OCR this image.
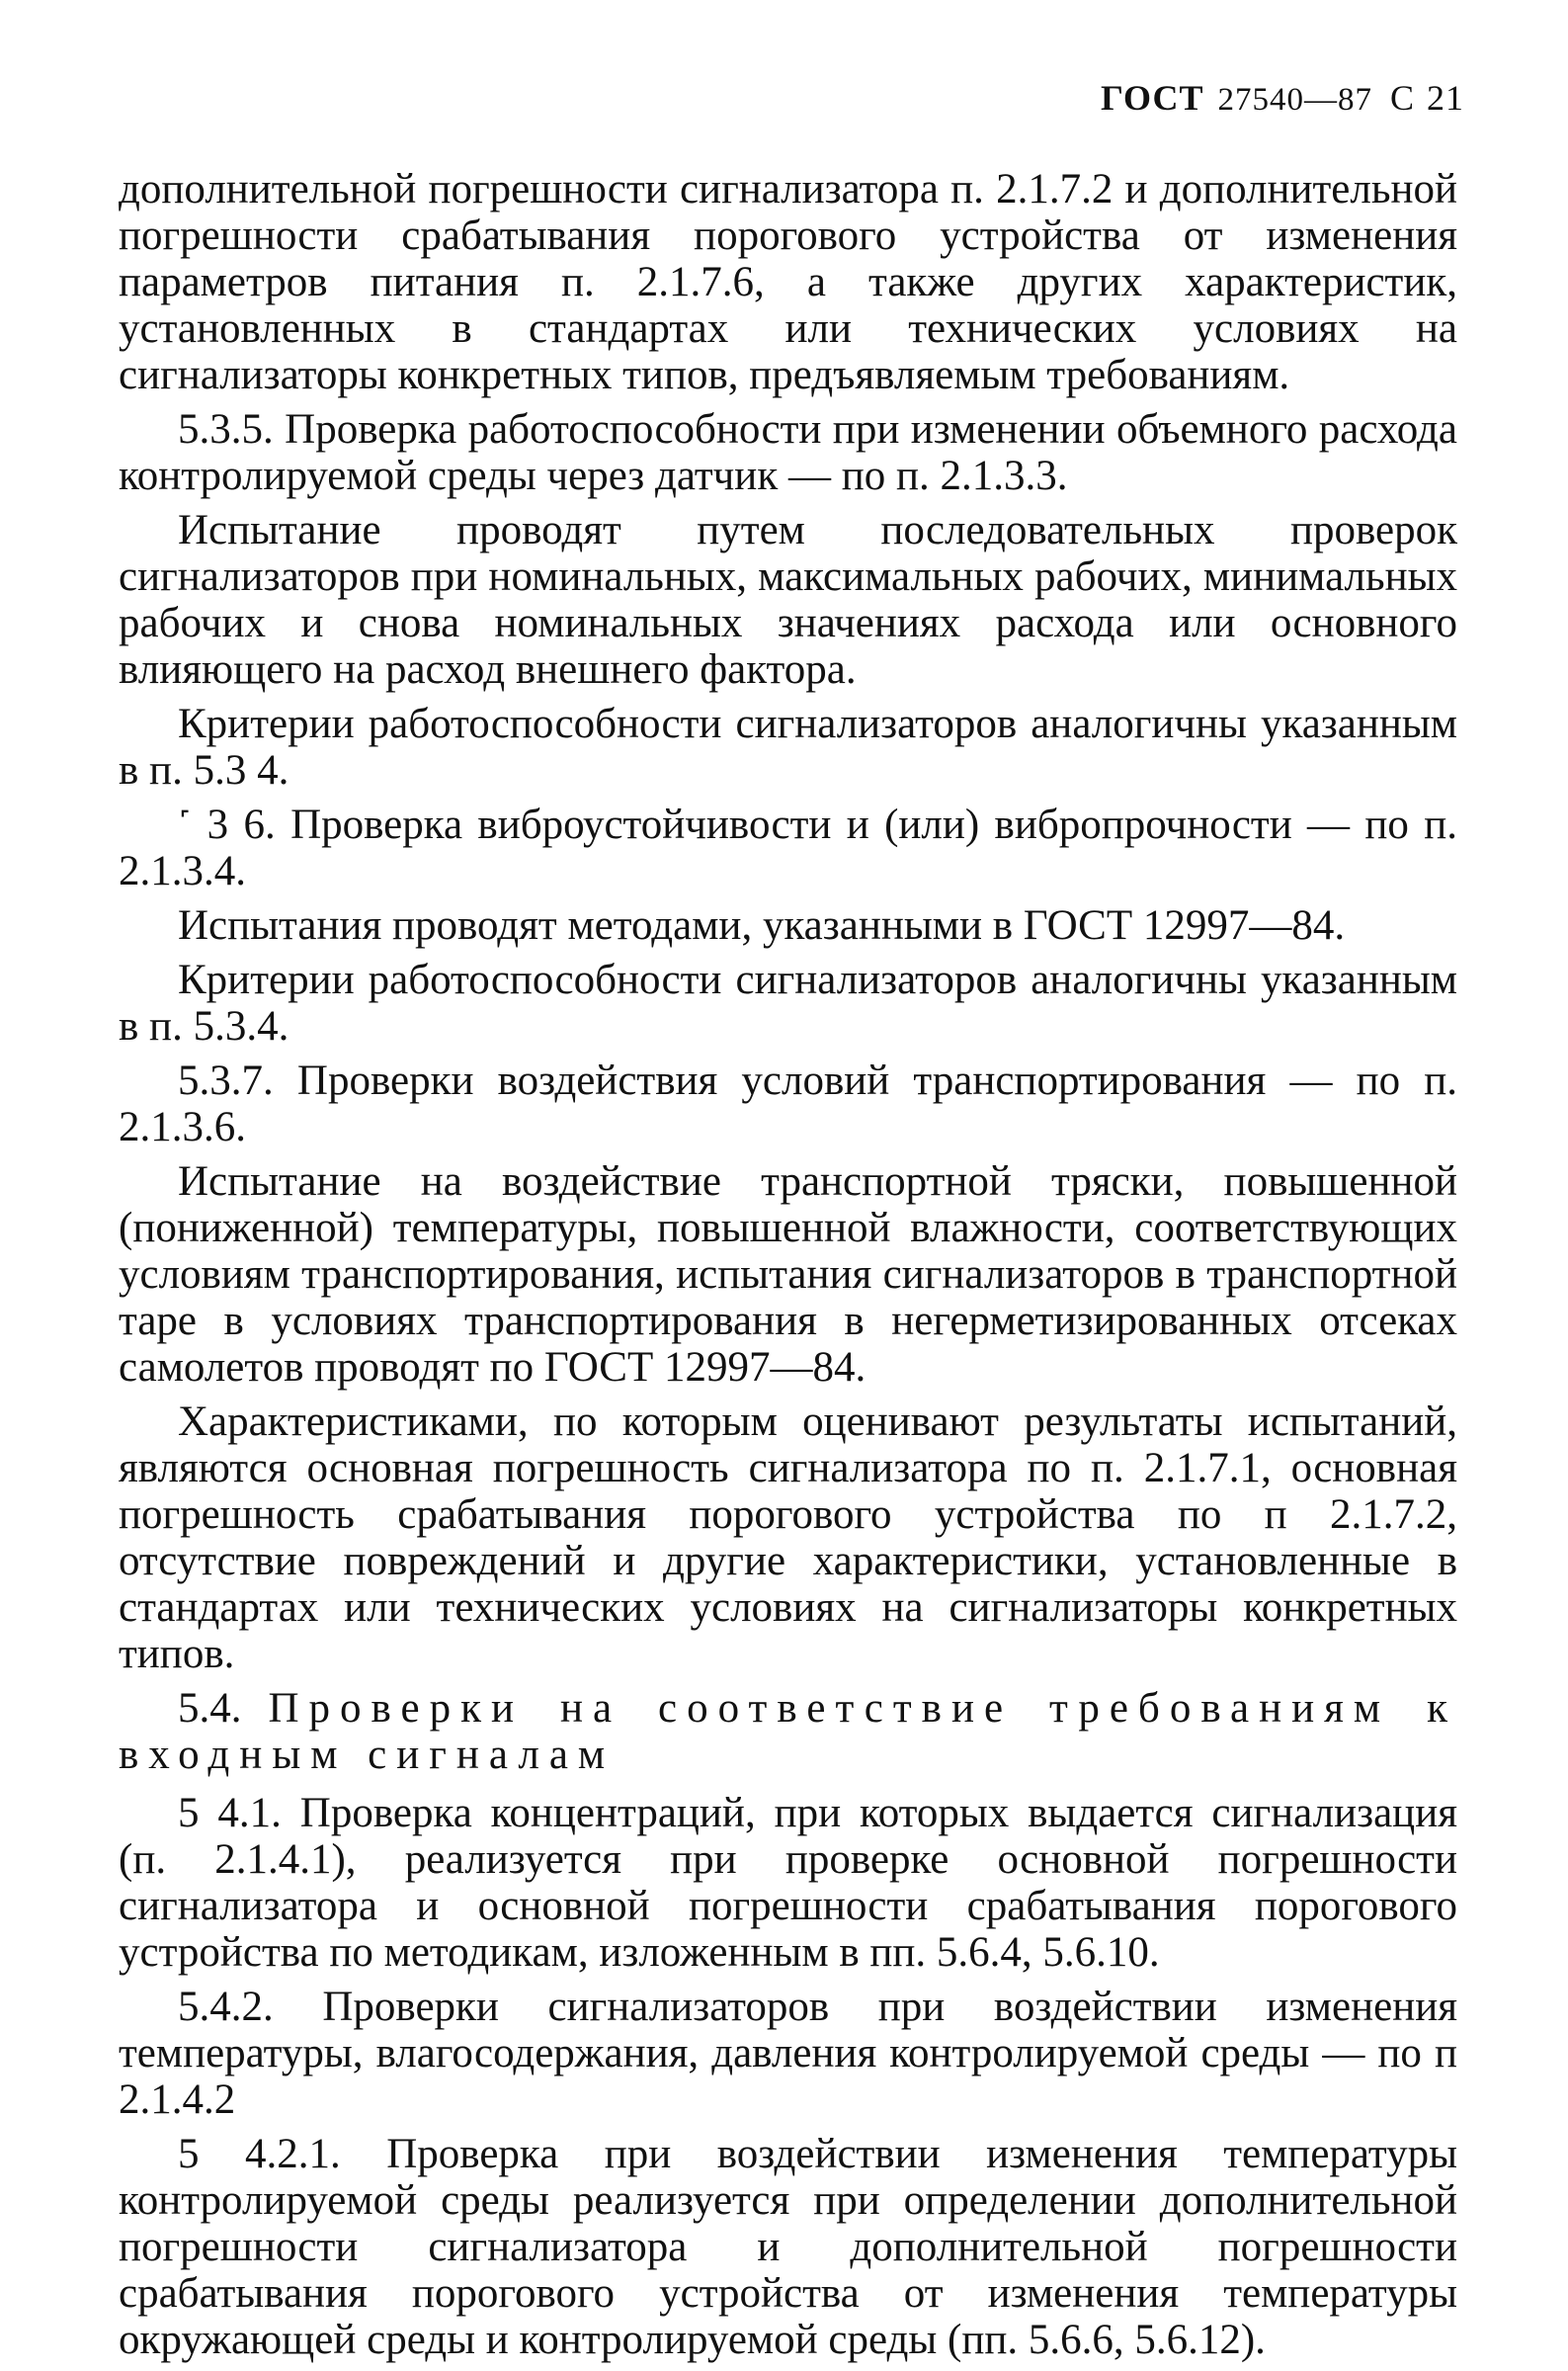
ГОСТ 27540—87 С 21

дополнительной погрешности сигнализатора п. 2.1.7.2 и дополнительной погрешности срабатывания порогового устройства от изменения параметров питания п. 2.1.7.6, а также других характеристик, установленных в стандартах или технических условиях на сигнализаторы конкретных типов, предъявляемым требованиям.

5.3.5. Проверка работоспособности при изменении объемного расхода контролируемой среды через датчик — по п. 2.1.3.3.

Испытание проводят путем последовательных проверок сигнализаторов при номинальных, максимальных рабочих, минимальных рабочих и снова номинальных значениях расхода или основного влияющего на расход внешнего фактора.

Критерии работоспособности сигнализаторов аналогичны указанным в п. 5.3 4.

˹ 3 6. Проверка виброустойчивости и (или) вибропрочности — по п. 2.1.3.4.

Испытания проводят методами, указанными в ГОСТ 12997—84.

Критерии работоспособности сигнализаторов аналогичны указанным в п. 5.3.4.

5.3.7. Проверки воздействия условий транспортирования — по п. 2.1.3.6.

Испытание на воздействие транспортной тряски, повышенной (пониженной) температуры, повышенной влажности, соответствующих условиям транспортирования, испытания сигнализаторов в транспортной таре в условиях транспортирования в негерметизированных отсеках самолетов проводят по ГОСТ 12997—84.

Характеристиками, по которым оценивают результаты испытаний, являются основная погрешность сигнализатора по п. 2.1.7.1, основная погрешность срабатывания порогового устройства по п 2.1.7.2, отсутствие повреждений и другие характеристики, установленные в стандартах или технических условиях на сигнализаторы конкретных типов.

5.4. Проверки на соответствие требованиям к входным сигналам

5 4.1. Проверка концентраций, при которых выдается сигнализация (п. 2.1.4.1), реализуется при проверке основной погрешности сигнализатора и основной погрешности срабатывания порогового устройства по методикам, изложенным в пп. 5.6.4, 5.6.10.

5.4.2. Проверки сигнализаторов при воздействии изменения температуры, влагосодержания, давления контролируемой среды — по п 2.1.4.2

5 4.2.1. Проверка при воздействии изменения температуры контролируемой среды реализуется при определении дополнительной погрешности сигнализатора и дополнительной погрешности срабатывания порогового устройства от изменения температуры окружающей среды и контролируемой среды (пп. 5.6.6, 5.6.12).
